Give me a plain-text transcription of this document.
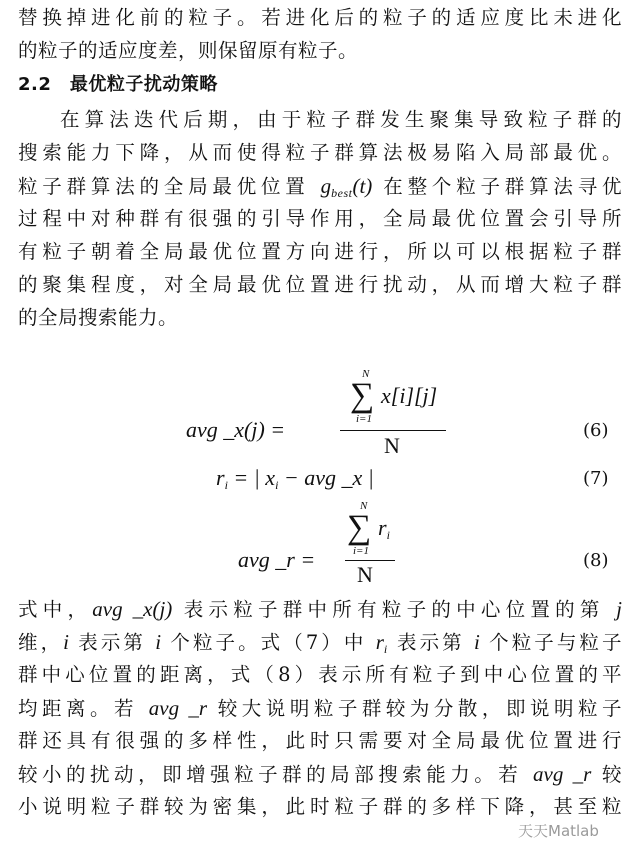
替换掉进化前的粒子。若进化后的粒子的适应度比未进化
的粒子的适应度差，则保留原有粒子。
2.2　最优粒子扰动策略
在算法迭代后期，由于粒子群发生聚集导致粒子群的
搜索能力下降，从而使得粒子群算法极易陷入局部最优。
粒子群算法的全局最优位置 $g_{best}(t)$ 在整个粒子群算法寻优
过程中对种群有很强的引导作用，全局最优位置会引导所
有粒子朝着全局最优位置方向进行，所以可以根据粒子群
的聚集程度，对全局最优位置进行扰动，从而增大粒子群
的全局搜索能力。
式中，avg _x(j) 表示粒子群中所有粒子的中心位置的第 j
维，i 表示第 i 个粒子。式（7）中 $r_i$ 表示第 i 个粒子与粒子
群中心位置的距离，式（8）表示所有粒子到中心位置的平
均距离。若 avg _r 较大说明粒子群较为分散，即说明粒子
群还具有很强的多样性，此时只需要对全局最优位置进行
较小的扰动，即增强粒子群的局部搜索能力。若 avg _r 较
小说明粒子群较为密集，此时粒子群的多样下降，甚至粒
avg _x(j) =
N
∑
i=1
x[i][j]
N
(6)
$r_i$ = | $x_i$ − avg _x |	(7)
avg _r =
N
∑
i=1
$r_i$
N
(8)
天天Matlab
